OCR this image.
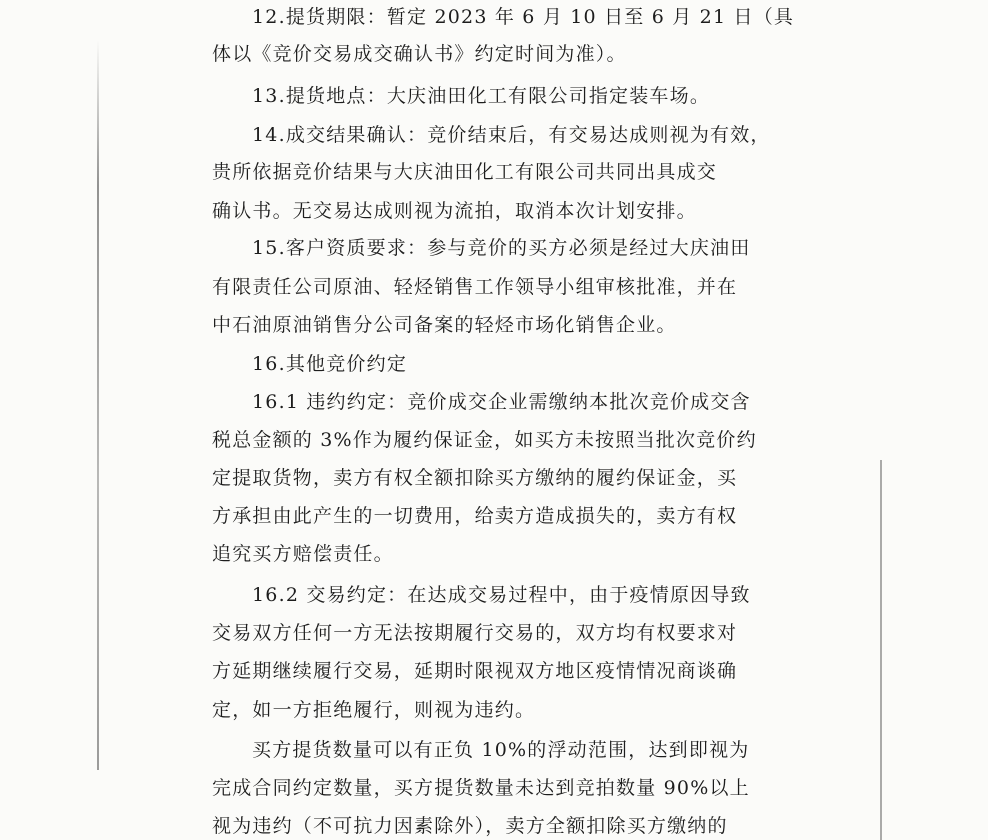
12.提货期限：暂定 2023 年 6 月 10 日至 6 月 21 日（具
体以《竞价交易成交确认书》约定时间为准）。
13.提货地点：大庆油田化工有限公司指定装车场。
14.成交结果确认：竞价结束后，有交易达成则视为有效，
贵所依据竞价结果与大庆油田化工有限公司共同出具成交
确认书。无交易达成则视为流拍，取消本次计划安排。
15.客户资质要求：参与竞价的买方必须是经过大庆油田
有限责任公司原油、轻烃销售工作领导小组审核批准，并在
中石油原油销售分公司备案的轻烃市场化销售企业。
16.其他竞价约定
16.1 违约约定：竞价成交企业需缴纳本批次竞价成交含
税总金额的 3%作为履约保证金，如买方未按照当批次竞价约
定提取货物，卖方有权全额扣除买方缴纳的履约保证金，买
方承担由此产生的一切费用，给卖方造成损失的，卖方有权
追究买方赔偿责任。
16.2 交易约定：在达成交易过程中，由于疫情原因导致
交易双方任何一方无法按期履行交易的，双方均有权要求对
方延期继续履行交易，延期时限视双方地区疫情情况商谈确
定，如一方拒绝履行，则视为违约。
买方提货数量可以有正负 10%的浮动范围，达到即视为
完成合同约定数量，买方提货数量未达到竞拍数量 90%以上
视为违约（不可抗力因素除外），卖方全额扣除买方缴纳的
